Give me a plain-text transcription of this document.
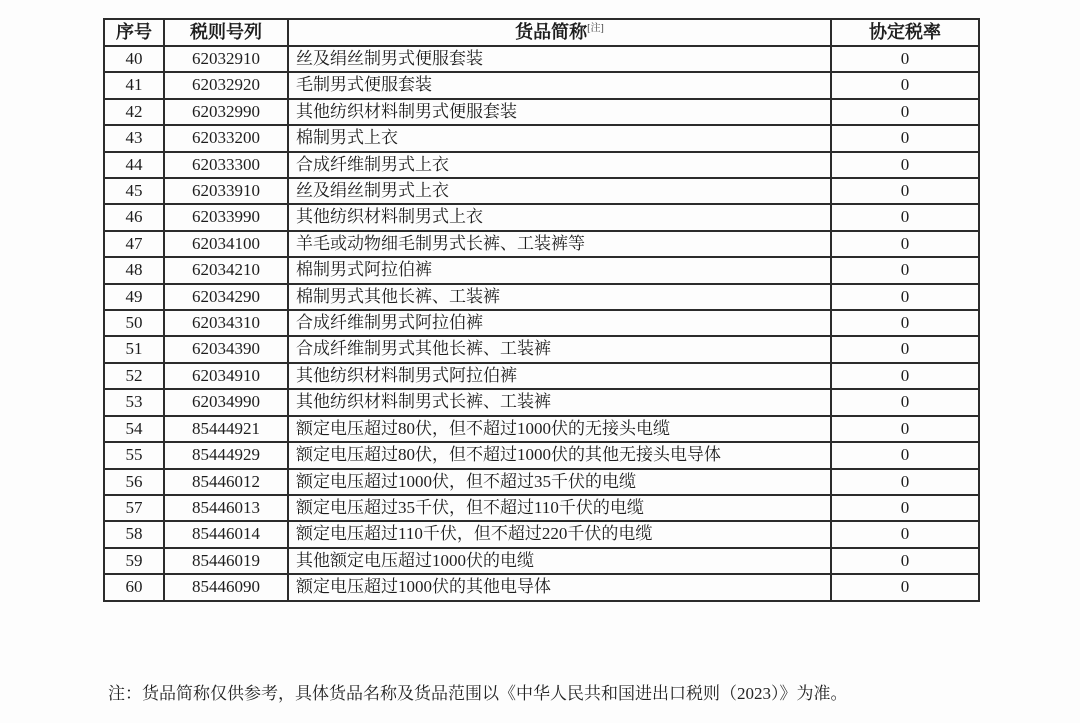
序号	税则号列	货品简称[注]	协定税率
40	62032910	丝及绢丝制男式便服套装	0
41	62032920	毛制男式便服套装	0
42	62032990	其他纺织材料制男式便服套装	0
43	62033200	棉制男式上衣	0
44	62033300	合成纤维制男式上衣	0
45	62033910	丝及绢丝制男式上衣	0
46	62033990	其他纺织材料制男式上衣	0
47	62034100	羊毛或动物细毛制男式长裤、工装裤等	0
48	62034210	棉制男式阿拉伯裤	0
49	62034290	棉制男式其他长裤、工装裤	0
50	62034310	合成纤维制男式阿拉伯裤	0
51	62034390	合成纤维制男式其他长裤、工装裤	0
52	62034910	其他纺织材料制男式阿拉伯裤	0
53	62034990	其他纺织材料制男式长裤、工装裤	0
54	85444921	额定电压超过80伏，但不超过1000伏的无接头电缆	0
55	85444929	额定电压超过80伏，但不超过1000伏的其他无接头电导体	0
56	85446012	额定电压超过1000伏，但不超过35千伏的电缆	0
57	85446013	额定电压超过35千伏，但不超过110千伏的电缆	0
58	85446014	额定电压超过110千伏，但不超过220千伏的电缆	0
59	85446019	其他额定电压超过1000伏的电缆	0
60	85446090	额定电压超过1000伏的其他电导体	0

注：货品简称仅供参考，具体货品名称及货品范围以《中华人民共和国进出口税则（2023）》为准。
